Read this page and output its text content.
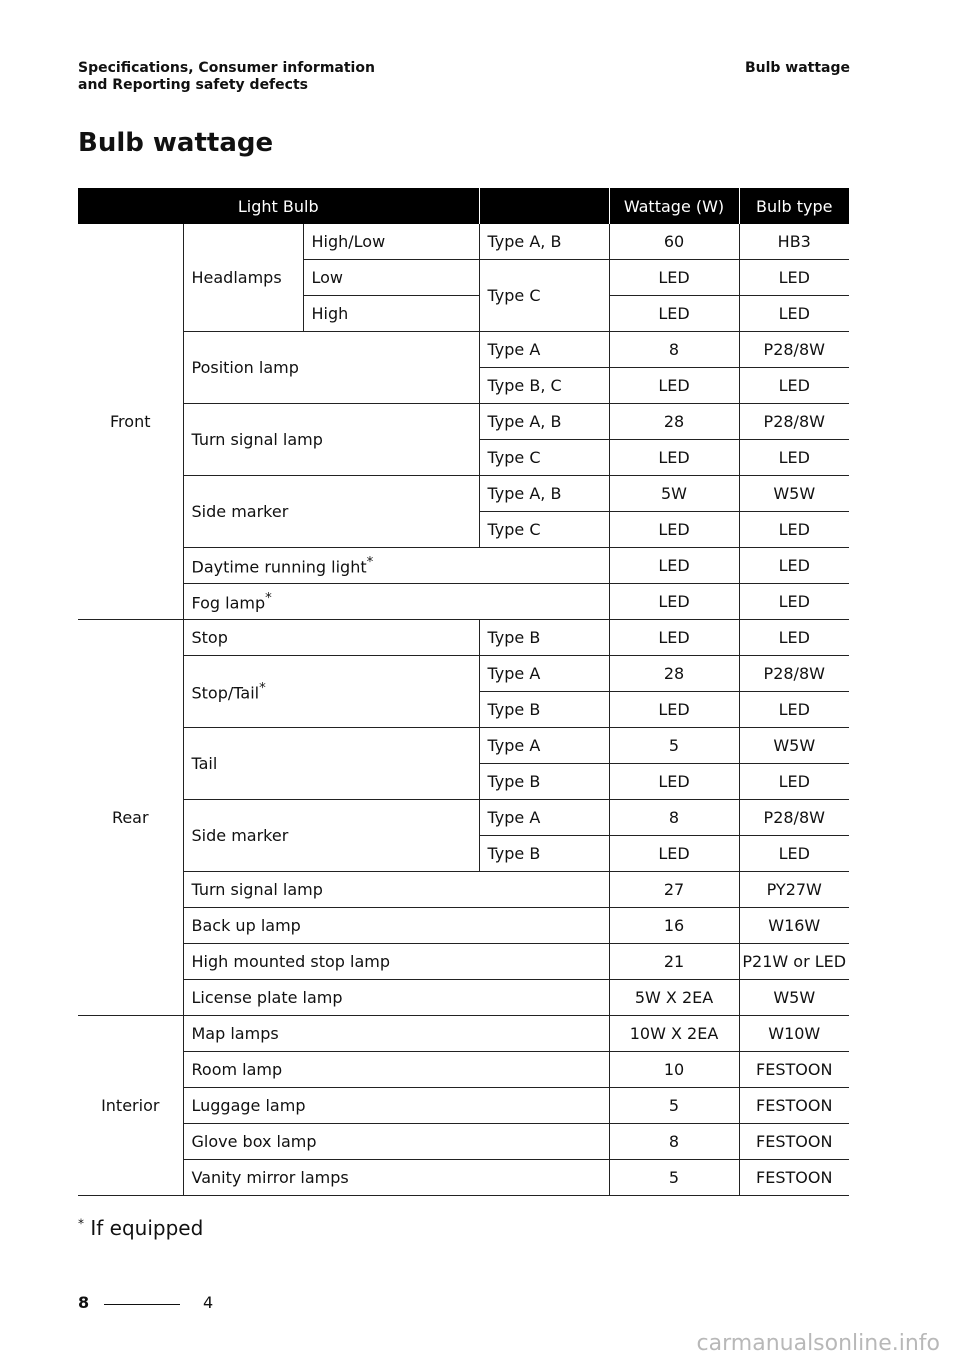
Specifications, Consumer information
and Reporting safety defects
Bulb wattage
Bulb wattage
Light Bulb				Wattage (W)	Bulb type
Front	Headlamps	High/Low	Type A, B	60	HB3
		Low	Type C	LED	LED
		High		LED	LED
	Position lamp		Type A	8	P28/8W
			Type B, C	LED	LED
	Turn signal lamp		Type A, B	28	P28/8W
			Type C	LED	LED
	Side marker		Type A, B	5W	W5W
			Type C	LED	LED
	Daytime running light*			LED	LED
	Fog lamp*			LED	LED
Rear	Stop		Type B	LED	LED
	Stop/Tail*		Type A	28	P28/8W
			Type B	LED	LED
	Tail		Type A	5	W5W
			Type B	LED	LED
	Side marker		Type A	8	P28/8W
			Type B	LED	LED
	Turn signal lamp			27	PY27W
	Back up lamp			16	W16W
	High mounted stop lamp			21	P21W or LED
	License plate lamp			5W X 2EA	W5W
Interior	Map lamps			10W X 2EA	W10W
	Room lamp			10	FESTOON
	Luggage lamp			5	FESTOON
	Glove box lamp			8	FESTOON
	Vanity mirror lamps			5	FESTOON
* If equipped
8	4
carmanualsonline.info
